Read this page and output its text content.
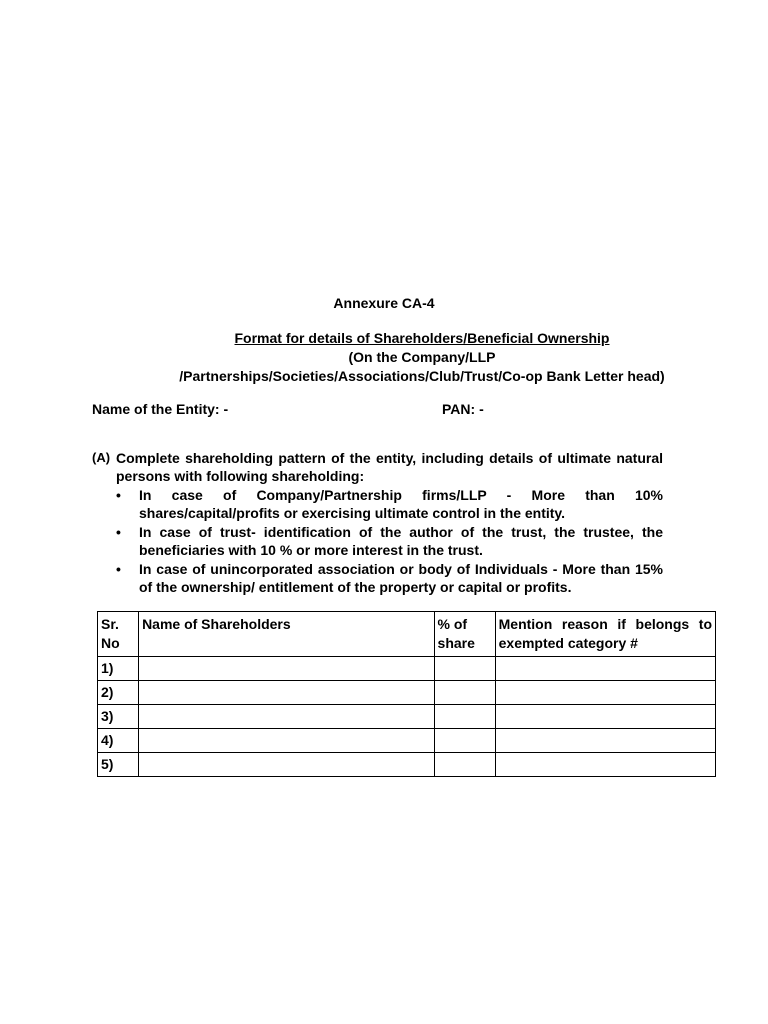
Annexure CA-4
Format for details of Shareholders/Beneficial Ownership
(On the Company/LLP /Partnerships/Societies/Associations/Club/Trust/Co-op Bank Letter head)
Name of the Entity: -	PAN: -
(A) Complete shareholding pattern of the entity, including details of ultimate natural persons with following shareholding:
• In case of Company/Partnership firms/LLP - More than 10% shares/capital/profits or exercising ultimate control in the entity.
• In case of trust- identification of the author of the trust, the trustee, the beneficiaries with 10 % or more interest in the trust.
• In case of unincorporated association or body of Individuals - More than 15% of the ownership/ entitlement of the property or capital or profits.
Sr. No	Name of Shareholders	% of share	Mention reason if belongs to exempted category #
1)			
2)			
3)			
4)			
5)			
